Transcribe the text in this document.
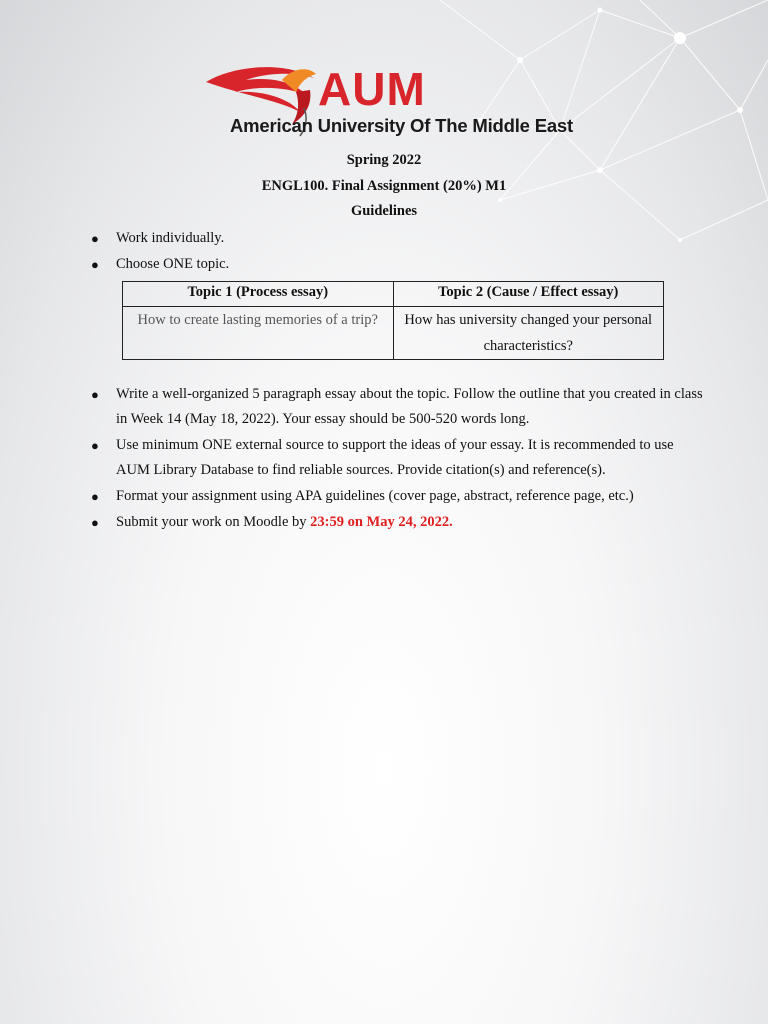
AUM
American University Of The Middle East
Spring 2022
ENGL100. Final Assignment (20%) M1
Guidelines
● Work individually.
● Choose ONE topic.
Topic 1 (Process essay)	Topic 2 (Cause / Effect essay)
How to create lasting memories of a trip?	How has university changed your personal characteristics?
● Write a well-organized 5 paragraph essay about the topic. Follow the outline that you created in class in Week 14 (May 18, 2022). Your essay should be 500-520 words long.
● Use minimum ONE external source to support the ideas of your essay. It is recommended to use AUM Library Database to find reliable sources. Provide citation(s) and reference(s).
● Format your assignment using APA guidelines (cover page, abstract, reference page, etc.)
● Submit your work on Moodle by 23:59 on May 24, 2022.
